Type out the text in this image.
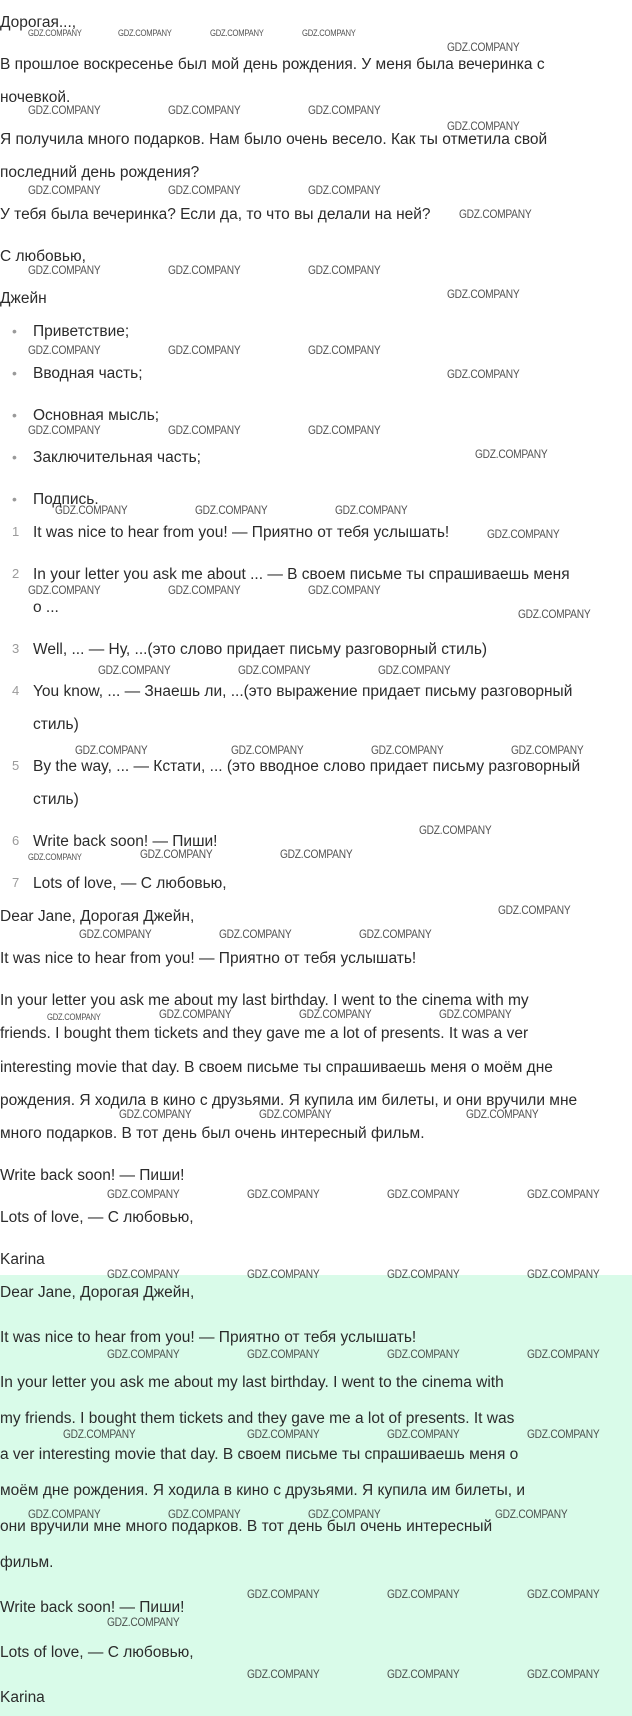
Дорогая...,
В прошлое воскресенье был мой день рождения. У меня была вечеринка с
ночевкой.
Я получила много подарков. Нам было очень весело. Как ты отметила свой
последний день рождения?
У тебя была вечеринка? Если да, то что вы делали на ней?
С любовью,
Джейн
• Приветствие;
• Вводная часть;
• Основная мысль;
• Заключительная часть;
• Подпись.
1 It was nice to hear from you! — Приятно от тебя услышать!
2 In your letter you ask me about ... — В своем письме ты спрашиваешь меня
о ...
3 Well, ... — Ну, ...(это слово придает письму разговорный стиль)
4 You know, ... — Знаешь ли, ...(это выражение придает письму разговорный
стиль)
5 By the way, ... — Кстати, ... (это вводное слово придает письму разговорный
стиль)
6 Write back soon! — Пиши!
7 Lots of love, — С любовью,
Dear Jane, Дорогая Джейн,
It was nice to hear from you! — Приятно от тебя услышать!
In your letter you ask me about my last birthday. I went to the cinema with my
friends. I bought them tickets and they gave me a lot of presents. It was a ver
interesting movie that day. В своем письме ты спрашиваешь меня о моём дне
рождения. Я ходила в кино с друзьями. Я купила им билеты, и они вручили мне
много подарков. В тот день был очень интересный фильм.
Write back soon! — Пиши!
Lots of love, — С любовью,
Karina
Dear Jane, Дорогая Джейн,
It was nice to hear from you! — Приятно от тебя услышать!
In your letter you ask me about my last birthday. I went to the cinema with
my friends. I bought them tickets and they gave me a lot of presents. It was
a ver interesting movie that day. В своем письме ты спрашиваешь меня о
моём дне рождения. Я ходила в кино с друзьями. Я купила им билеты, и
они вручили мне много подарков. В тот день был очень интересный
фильм.
Write back soon! — Пиши!
Lots of love, — С любовью,
Karina
GDZ.COMPANY	GDZ.COMPANY	GDZ.COMPANY	GDZ.COMPANY
GDZ.COMPANY
GDZ.COMPANY	GDZ.COMPANY	GDZ.COMPANY
GDZ.COMPANY
GDZ.COMPANY	GDZ.COMPANY	GDZ.COMPANY
GDZ.COMPANY
GDZ.COMPANY	GDZ.COMPANY	GDZ.COMPANY
GDZ.COMPANY
GDZ.COMPANY	GDZ.COMPANY	GDZ.COMPANY
GDZ.COMPANY
GDZ.COMPANY	GDZ.COMPANY	GDZ.COMPANY
GDZ.COMPANY
GDZ.COMPANY	GDZ.COMPANY	GDZ.COMPANY
GDZ.COMPANY
GDZ.COMPANY	GDZ.COMPANY	GDZ.COMPANY
GDZ.COMPANY
GDZ.COMPANY	GDZ.COMPANY	GDZ.COMPANY
GDZ.COMPANY	GDZ.COMPANY	GDZ.COMPANY	GDZ.COMPANY
GDZ.COMPANY
GDZ.COMPANY	GDZ.COMPANY	GDZ.COMPANY
GDZ.COMPANY
GDZ.COMPANY	GDZ.COMPANY	GDZ.COMPANY
GDZ.COMPANY	GDZ.COMPANY	GDZ.COMPANY	GDZ.COMPANY
GDZ.COMPANY	GDZ.COMPANY	GDZ.COMPANY
GDZ.COMPANY	GDZ.COMPANY	GDZ.COMPANY	GDZ.COMPANY
GDZ.COMPANY	GDZ.COMPANY	GDZ.COMPANY	GDZ.COMPANY
GDZ.COMPANY	GDZ.COMPANY	GDZ.COMPANY	GDZ.COMPANY
GDZ.COMPANY	GDZ.COMPANY	GDZ.COMPANY	GDZ.COMPANY
GDZ.COMPANY	GDZ.COMPANY	GDZ.COMPANY	GDZ.COMPANY
GDZ.COMPANY	GDZ.COMPANY	GDZ.COMPANY
GDZ.COMPANY
GDZ.COMPANY	GDZ.COMPANY	GDZ.COMPANY
